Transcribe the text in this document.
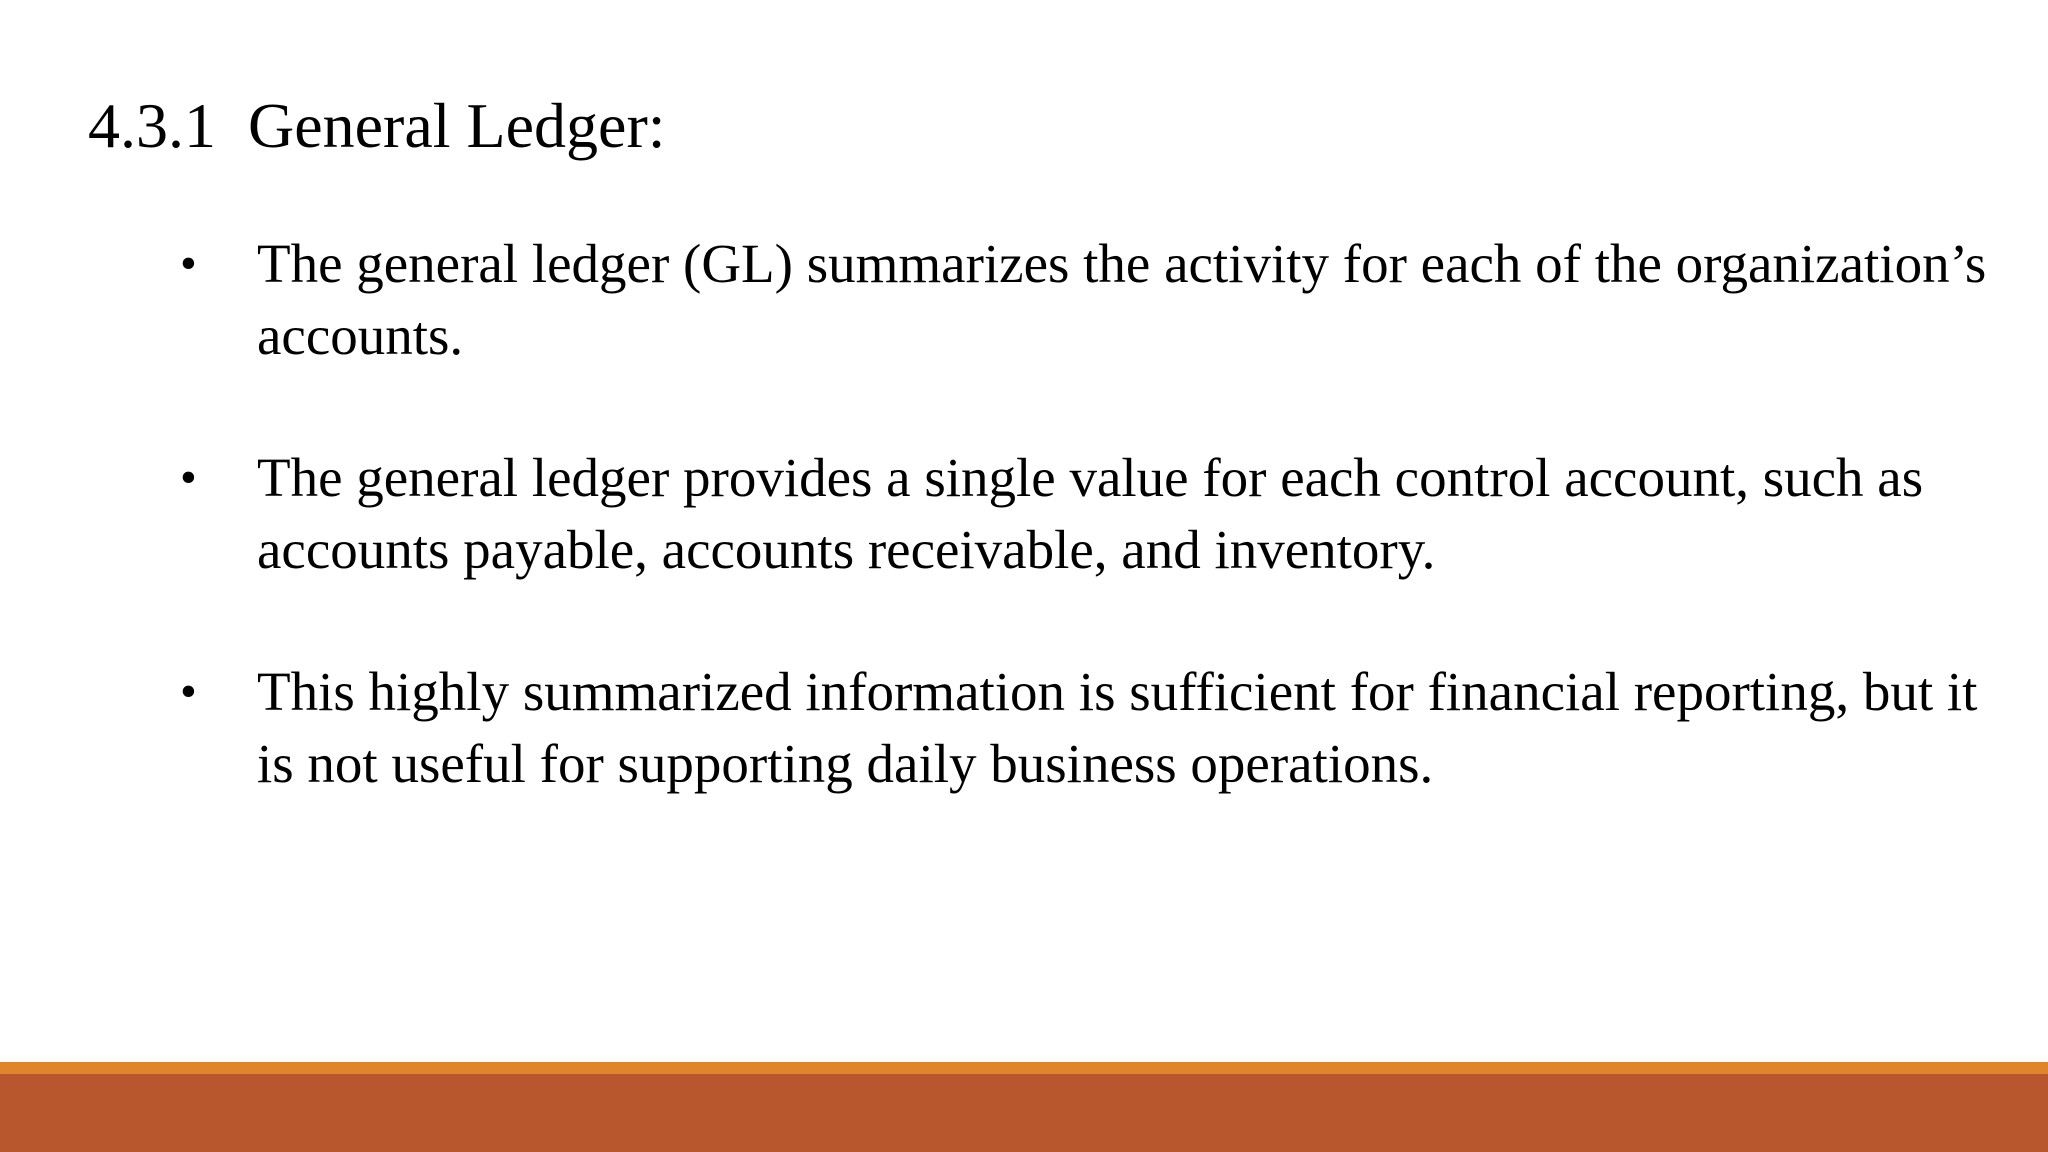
4.3.1  General Ledger:
• The general ledger (GL) summarizes the activity for each of the organization’s accounts.
• The general ledger provides a single value for each control account, such as accounts payable, accounts receivable, and inventory.
• This highly summarized information is sufficient for financial reporting, but it is not useful for supporting daily business operations.
